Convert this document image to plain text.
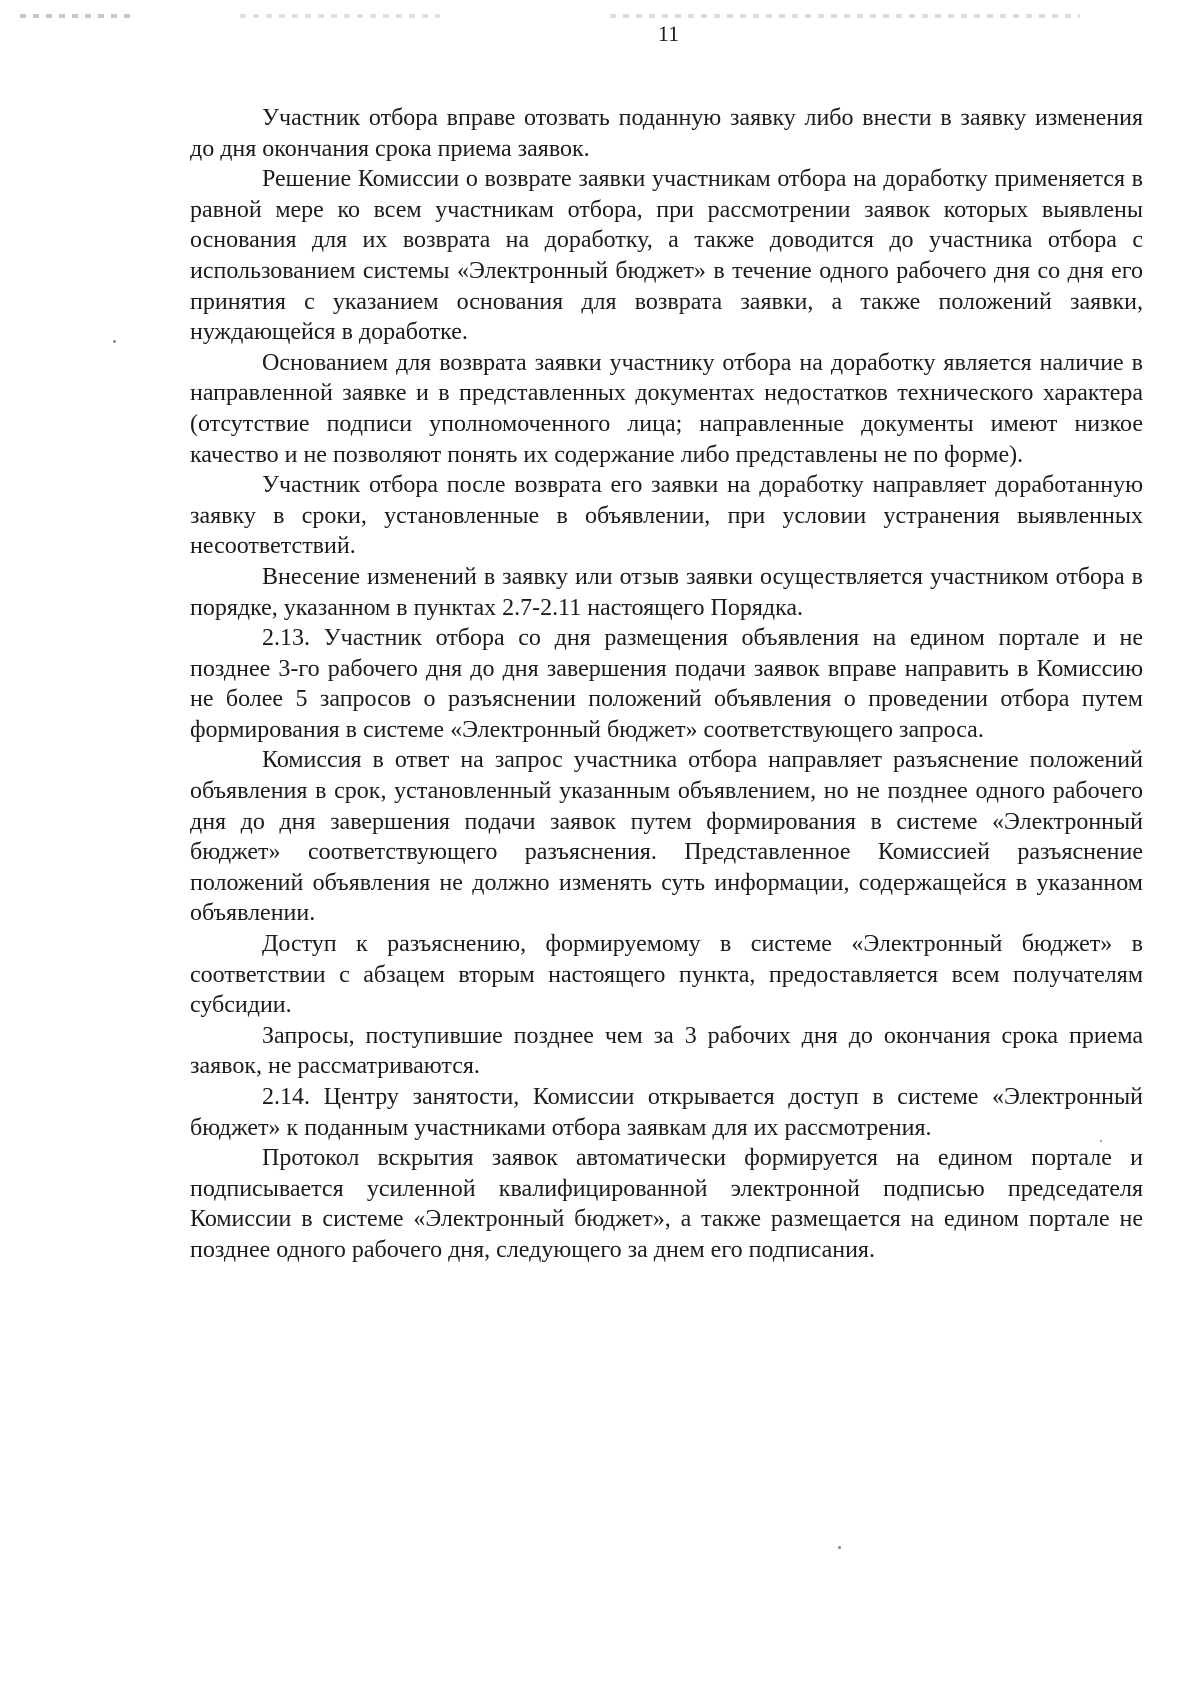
11

Участник отбора вправе отозвать поданную заявку либо внести в заявку изменения до дня окончания срока приема заявок.

Решение Комиссии о возврате заявки участникам отбора на доработку применяется в равной мере ко всем участникам отбора, при рассмотрении заявок которых выявлены основания для их возврата на доработку, а также доводится до участника отбора с использованием системы «Электронный бюджет» в течение одного рабочего дня со дня его принятия с указанием основания для возврата заявки, а также положений заявки, нуждающейся в доработке.

Основанием для возврата заявки участнику отбора на доработку является наличие в направленной заявке и в представленных документах недостатков технического характера (отсутствие подписи уполномоченного лица; направленные документы имеют низкое качество и не позволяют понять их содержание либо представлены не по форме).

Участник отбора после возврата его заявки на доработку направляет доработанную заявку в сроки, установленные в объявлении, при условии устранения выявленных несоответствий.

Внесение изменений в заявку или отзыв заявки осуществляется участником отбора в порядке, указанном в пунктах 2.7-2.11 настоящего Порядка.

2.13. Участник отбора со дня размещения объявления на едином портале и не позднее 3-го рабочего дня до дня завершения подачи заявок вправе направить в Комиссию не более 5 запросов о разъяснении положений объявления о проведении отбора путем формирования в системе «Электронный бюджет» соответствующего запроса.

Комиссия в ответ на запрос участника отбора направляет разъяснение положений объявления в срок, установленный указанным объявлением, но не позднее одного рабочего дня до дня завершения подачи заявок путем формирования в системе «Электронный бюджет» соответствующего разъяснения. Представленное Комиссией разъяснение положений объявления не должно изменять суть информации, содержащейся в указанном объявлении.

Доступ к разъяснению, формируемому в системе «Электронный бюджет» в соответствии с абзацем вторым настоящего пункта, предоставляется всем получателям субсидии.

Запросы, поступившие позднее чем за 3 рабочих дня до окончания срока приема заявок, не рассматриваются.

2.14. Центру занятости, Комиссии открывается доступ в системе «Электронный бюджет» к поданным участниками отбора заявкам для их рассмотрения.

Протокол вскрытия заявок автоматически формируется на едином портале и подписывается усиленной квалифицированной электронной подписью председателя Комиссии в системе «Электронный бюджет», а также размещается на едином портале не позднее одного рабочего дня, следующего за днем его подписания.
